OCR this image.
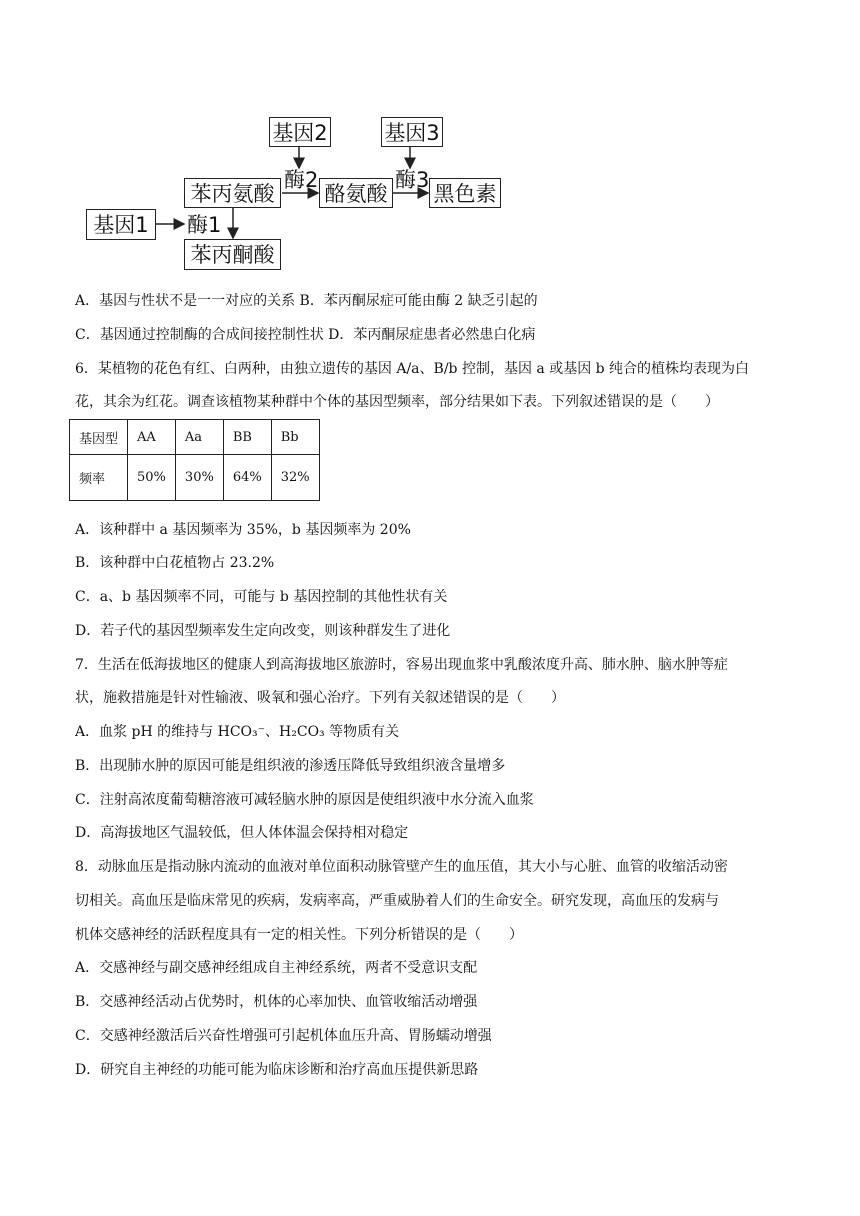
基因2	基因3
苯丙氨酸	酪氨酸 黑色素
基因1
苯丙酮酸
酶2	酶3
酶1
A．基因与性状不是一一对应的关系 B．苯丙酮尿症可能由酶 2 缺乏引起的
C．基因通过控制酶的合成间接控制性状 D．苯丙酮尿症患者必然患白化病
6．某植物的花色有红、白两种，由独立遗传的基因 A/a、B/b 控制，基因 a 或基因 b 纯合的植株均表现为白
花，其余为红花。调查该植物某种群中个体的基因型频率，部分结果如下表。下列叙述错误的是（　　）
基因型	AA	Aa	BB	Bb
频率	50%	30%	64%	32%
A．该种群中 a 基因频率为 35%，b 基因频率为 20%
B．该种群中白花植物占 23.2%
C．a、b 基因频率不同，可能与 b 基因控制的其他性状有关
D．若子代的基因型频率发生定向改变，则该种群发生了进化
7．生活在低海拔地区的健康人到高海拔地区旅游时，容易出现血浆中乳酸浓度升高、肺水肿、脑水肿等症
状，施救措施是针对性输液、吸氧和强心治疗。下列有关叙述错误的是（　　）
A．血浆 pH 的维持与 HCO₃⁻、H₂CO₃ 等物质有关
B．出现肺水肿的原因可能是组织液的渗透压降低导致组织液含量增多
C．注射高浓度葡萄糖溶液可减轻脑水肿的原因是使组织液中水分流入血浆
D．高海拔地区气温较低，但人体体温会保持相对稳定
8．动脉血压是指动脉内流动的血液对单位面积动脉管壁产生的血压值，其大小与心脏、血管的收缩活动密
切相关。高血压是临床常见的疾病，发病率高，严重威胁着人们的生命安全。研究发现，高血压的发病与
机体交感神经的活跃程度具有一定的相关性。下列分析错误的是（　　）
A．交感神经与副交感神经组成自主神经系统，两者不受意识支配
B．交感神经活动占优势时，机体的心率加快、血管收缩活动增强
C．交感神经激活后兴奋性增强可引起机体血压升高、胃肠蠕动增强
D．研究自主神经的功能可能为临床诊断和治疗高血压提供新思路
